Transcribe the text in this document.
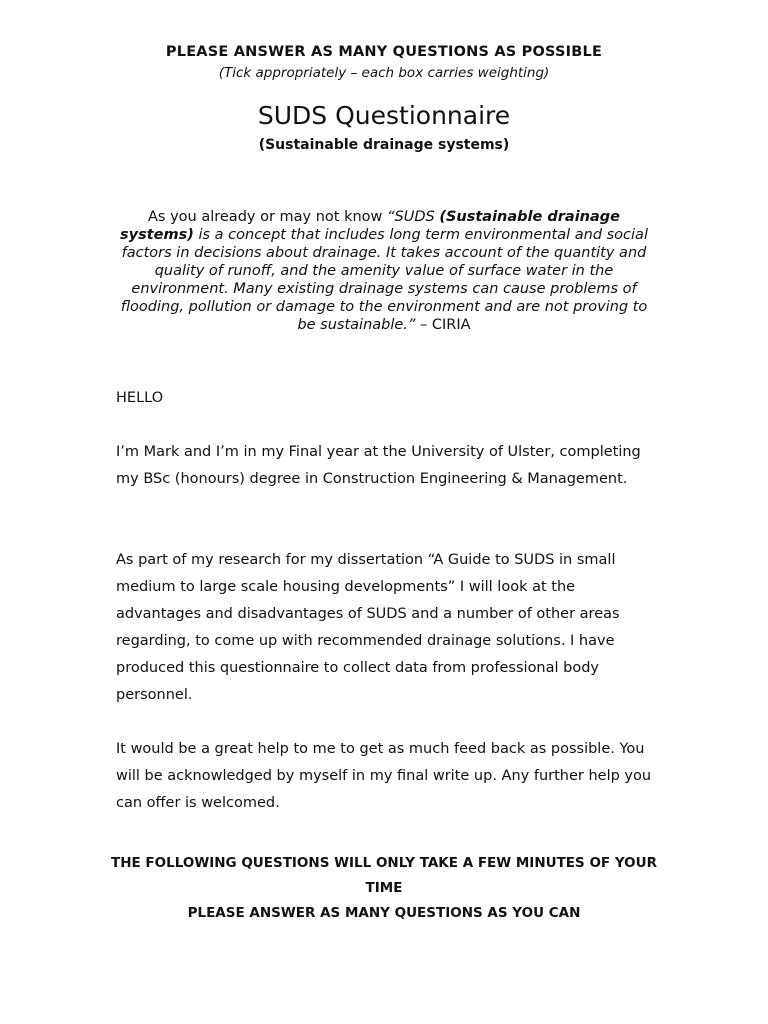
PLEASE ANSWER AS MANY QUESTIONS AS POSSIBLE
(Tick appropriately – each box carries weighting)
SUDS Questionnaire
(Sustainable drainage systems)
As you already or may not know “SUDS (Sustainable drainage systems) is a concept that includes long term environmental and social factors in decisions about drainage. It takes account of the quantity and quality of runoff, and the amenity value of surface water in the environment. Many existing drainage systems can cause problems of flooding, pollution or damage to the environment and are not proving to be sustainable.” – CIRIA
HELLO
I’m Mark and I’m in my Final year at the University of Ulster, completing my BSc (honours) degree in Construction Engineering & Management.
As part of my research for my dissertation “A Guide to SUDS in small medium to large scale housing developments” I will look at the advantages and disadvantages of SUDS and a number of other areas regarding, to come up with recommended drainage solutions. I have produced this questionnaire to collect data from professional body personnel.
It would be a great help to me to get as much feed back as possible. You will be acknowledged by myself in my final write up. Any further help you can offer is welcomed.
THE FOLLOWING QUESTIONS WILL ONLY TAKE A FEW MINUTES OF YOUR TIME
PLEASE ANSWER AS MANY QUESTIONS AS YOU CAN
